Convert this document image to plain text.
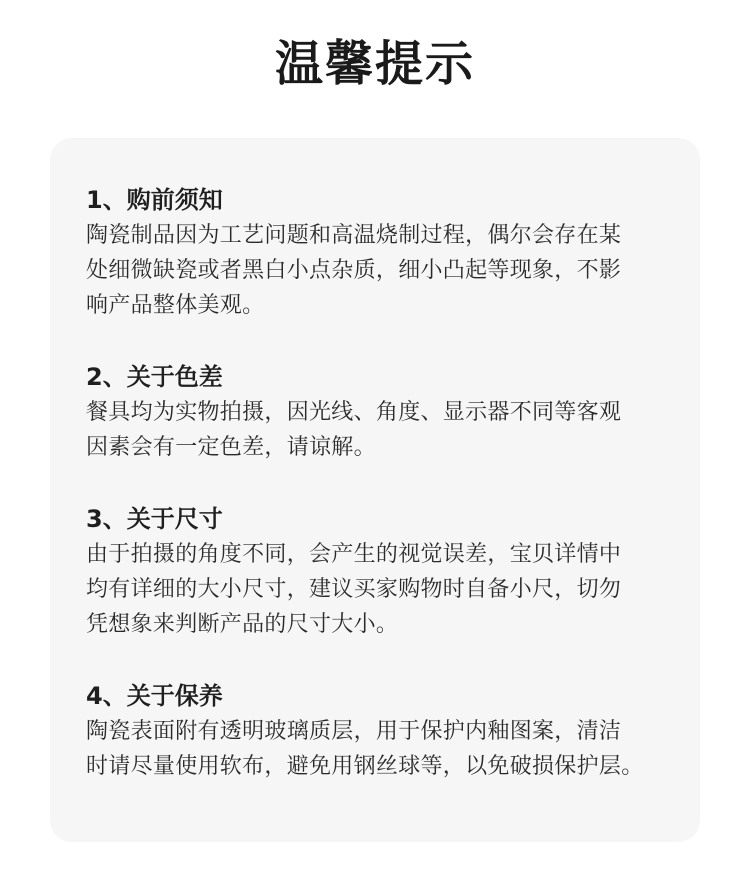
温馨提示

1、购前须知

陶瓷制品因为工艺问题和高温烧制过程，偶尔会存在某
处细微缺瓷或者黑白小点杂质，细小凸起等现象，不影
响产品整体美观。

2、关于色差

餐具均为实物拍摄，因光线、角度、显示器不同等客观
因素会有一定色差，请谅解。

3、关于尺寸

由于拍摄的角度不同，会产生的视觉误差，宝贝详情中
均有详细的大小尺寸，建议买家购物时自备小尺，切勿
凭想象来判断产品的尺寸大小。

4、关于保养

陶瓷表面附有透明玻璃质层，用于保护内釉图案，清洁
时请尽量使用软布，避免用钢丝球等，以免破损保护层。
